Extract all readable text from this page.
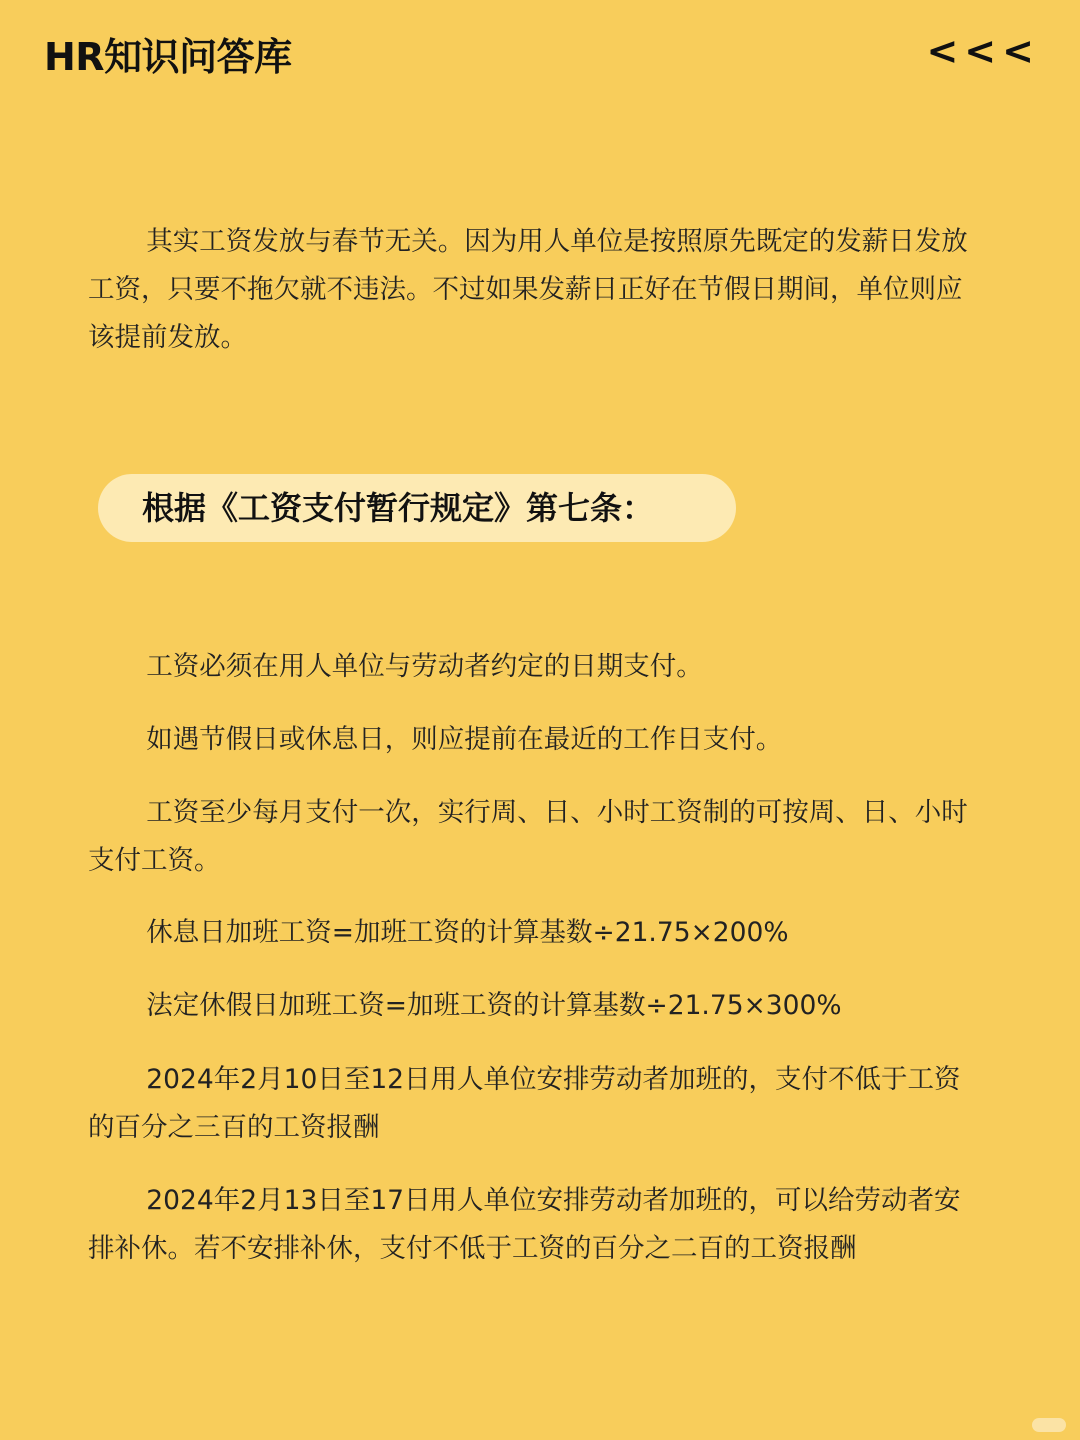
HR知识问答库	<<<

其实工资发放与春节无关。因为用人单位是按照原先既定的发薪日发放工资，只要不拖欠就不违法。不过如果发薪日正好在节假日期间，单位则应该提前发放。

根据《工资支付暂行规定》第七条：

工资必须在用人单位与劳动者约定的日期支付。

如遇节假日或休息日，则应提前在最近的工作日支付。

工资至少每月支付一次，实行周、日、小时工资制的可按周、日、小时支付工资。

休息日加班工资=加班工资的计算基数÷21.75×200%

法定休假日加班工资=加班工资的计算基数÷21.75×300%

2024年2月10日至12日用人单位安排劳动者加班的，支付不低于工资的百分之三百的工资报酬

2024年2月13日至17日用人单位安排劳动者加班的，可以给劳动者安排补休。若不安排补休，支付不低于工资的百分之二百的工资报酬
